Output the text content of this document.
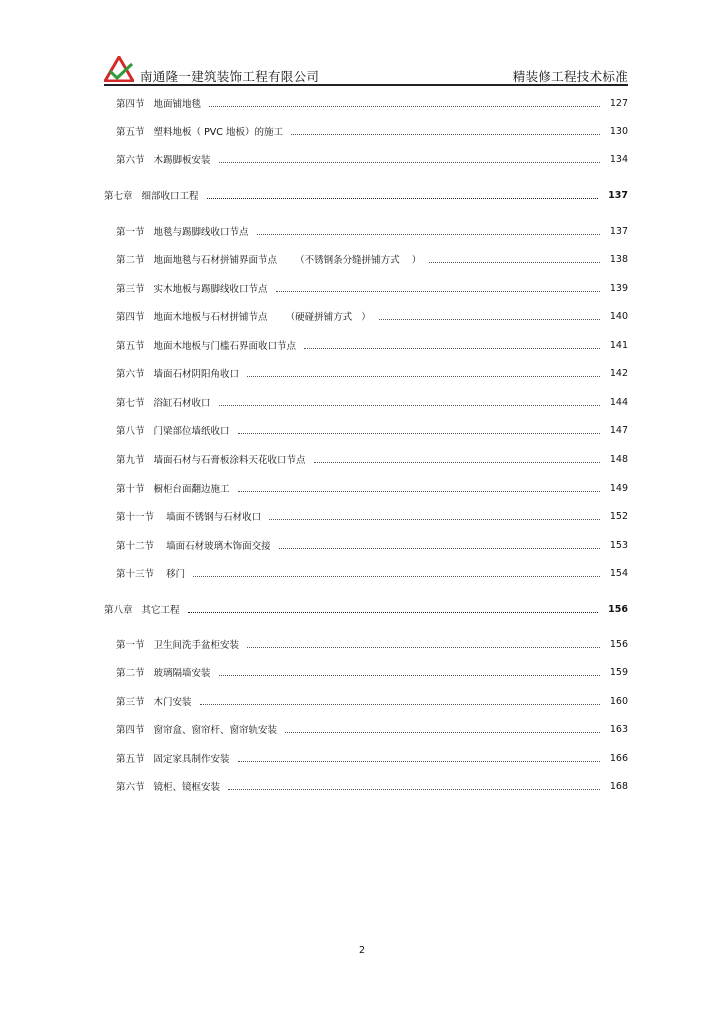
南通隆一建筑装饰工程有限公司	精装修工程技术标准
第四节   地面铺地毯	127
第五节   塑料地板（ PVC 地板）的施工	130
第六节   木踢脚板安装	134
第七章   细部收口工程	137
第一节   地毯与踢脚线收口节点	137
第二节   地面地毯与石材拼铺界面节点      （不锈钢条分缝拼铺方式    ）	138
第三节   实木地板与踢脚线收口节点	139
第四节   地面木地板与石材拼铺节点      （硬碰拼铺方式   ）	140
第五节   地面木地板与门槛石界面收口节点	141
第六节   墙面石材阴阳角收口	142
第七节   浴缸石材收口	144
第八节   门梁部位墙纸收口	147
第九节   墙面石材与石膏板涂料天花收口节点	148
第十节   橱柜台面翻边施工	149
第十一节    墙面不锈钢与石材收口	152
第十二节    墙面石材玻璃木饰面交接	153
第十三节    移门	154
第八章   其它工程	156
第一节   卫生间洗手盆柜安装	156
第二节   玻璃隔墙安装	159
第三节   木门安装	160
第四节   窗帘盒、窗帘杆、窗帘轨安装	163
第五节   固定家具制作安装	166
第六节   镜柜、镜框安装	168
2
